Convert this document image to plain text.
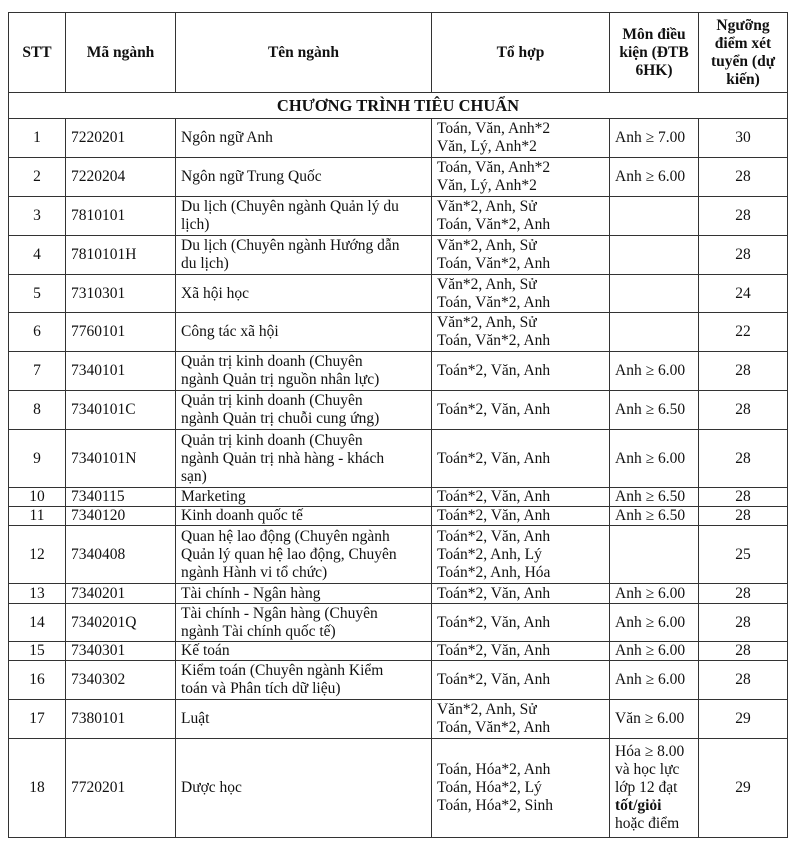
STT	Mã ngành	Tên ngành	Tổ hợp	Môn điều
kiện (ĐTB
6HK)	Ngưỡng
điểm xét
tuyển (dự
kiến)

CHƯƠNG TRÌNH TIÊU CHUẨN					
1	7220201	Ngôn ngữ Anh	Toán, Văn, Anh*2
Văn, Lý, Anh*2	Anh ≥ 7.00	30
2	7220204	Ngôn ngữ Trung Quốc	Toán, Văn, Anh*2
Văn, Lý, Anh*2	Anh ≥ 6.00	28
3	7810101	Du lịch (Chuyên ngành Quản lý du
lịch)	Văn*2, Anh, Sử
Toán, Văn*2, Anh		28
4	7810101H	Du lịch (Chuyên ngành Hướng dẫn
du lịch)	Văn*2, Anh, Sử
Toán, Văn*2, Anh		28
5	7310301	Xã hội học	Văn*2, Anh, Sử
Toán, Văn*2, Anh		24
6	7760101	Công tác xã hội	Văn*2, Anh, Sử
Toán, Văn*2, Anh		22
7	7340101	Quản trị kinh doanh (Chuyên
ngành Quản trị nguồn nhân lực)	Toán*2, Văn, Anh	Anh ≥ 6.00	28
8	7340101C	Quản trị kinh doanh (Chuyên
ngành Quản trị chuỗi cung ứng)	Toán*2, Văn, Anh	Anh ≥ 6.50	28
9	7340101N	Quản trị kinh doanh (Chuyên
ngành Quản trị nhà hàng - khách
sạn)	Toán*2, Văn, Anh	Anh ≥ 6.00	28
10	7340115	Marketing	Toán*2, Văn, Anh	Anh ≥ 6.50	28
11	7340120	Kinh doanh quốc tế	Toán*2, Văn, Anh	Anh ≥ 6.50	28
12	7340408	Quan hệ lao động (Chuyên ngành
Quản lý quan hệ lao động, Chuyên
ngành Hành vi tổ chức)	Toán*2, Văn, Anh
Toán*2, Anh, Lý
Toán*2, Anh, Hóa		25
13	7340201	Tài chính - Ngân hàng	Toán*2, Văn, Anh	Anh ≥ 6.00	28
14	7340201Q	Tài chính - Ngân hàng (Chuyên
ngành Tài chính quốc tế)	Toán*2, Văn, Anh	Anh ≥ 6.00	28
15	7340301	Kế toán	Toán*2, Văn, Anh	Anh ≥ 6.00	28
16	7340302	Kiểm toán (Chuyên ngành Kiểm
toán và Phân tích dữ liệu)	Toán*2, Văn, Anh	Anh ≥ 6.00	28
17	7380101	Luật	Văn*2, Anh, Sử
Toán, Văn*2, Anh	Văn ≥ 6.00	29
18	7720201	Dược học	Toán, Hóa*2, Anh
Toán, Hóa*2, Lý
Toán, Hóa*2, Sinh	Hóa ≥ 8.00
và học lực
lớp 12 đạt
tốt/giỏi
hoặc điểm	29
